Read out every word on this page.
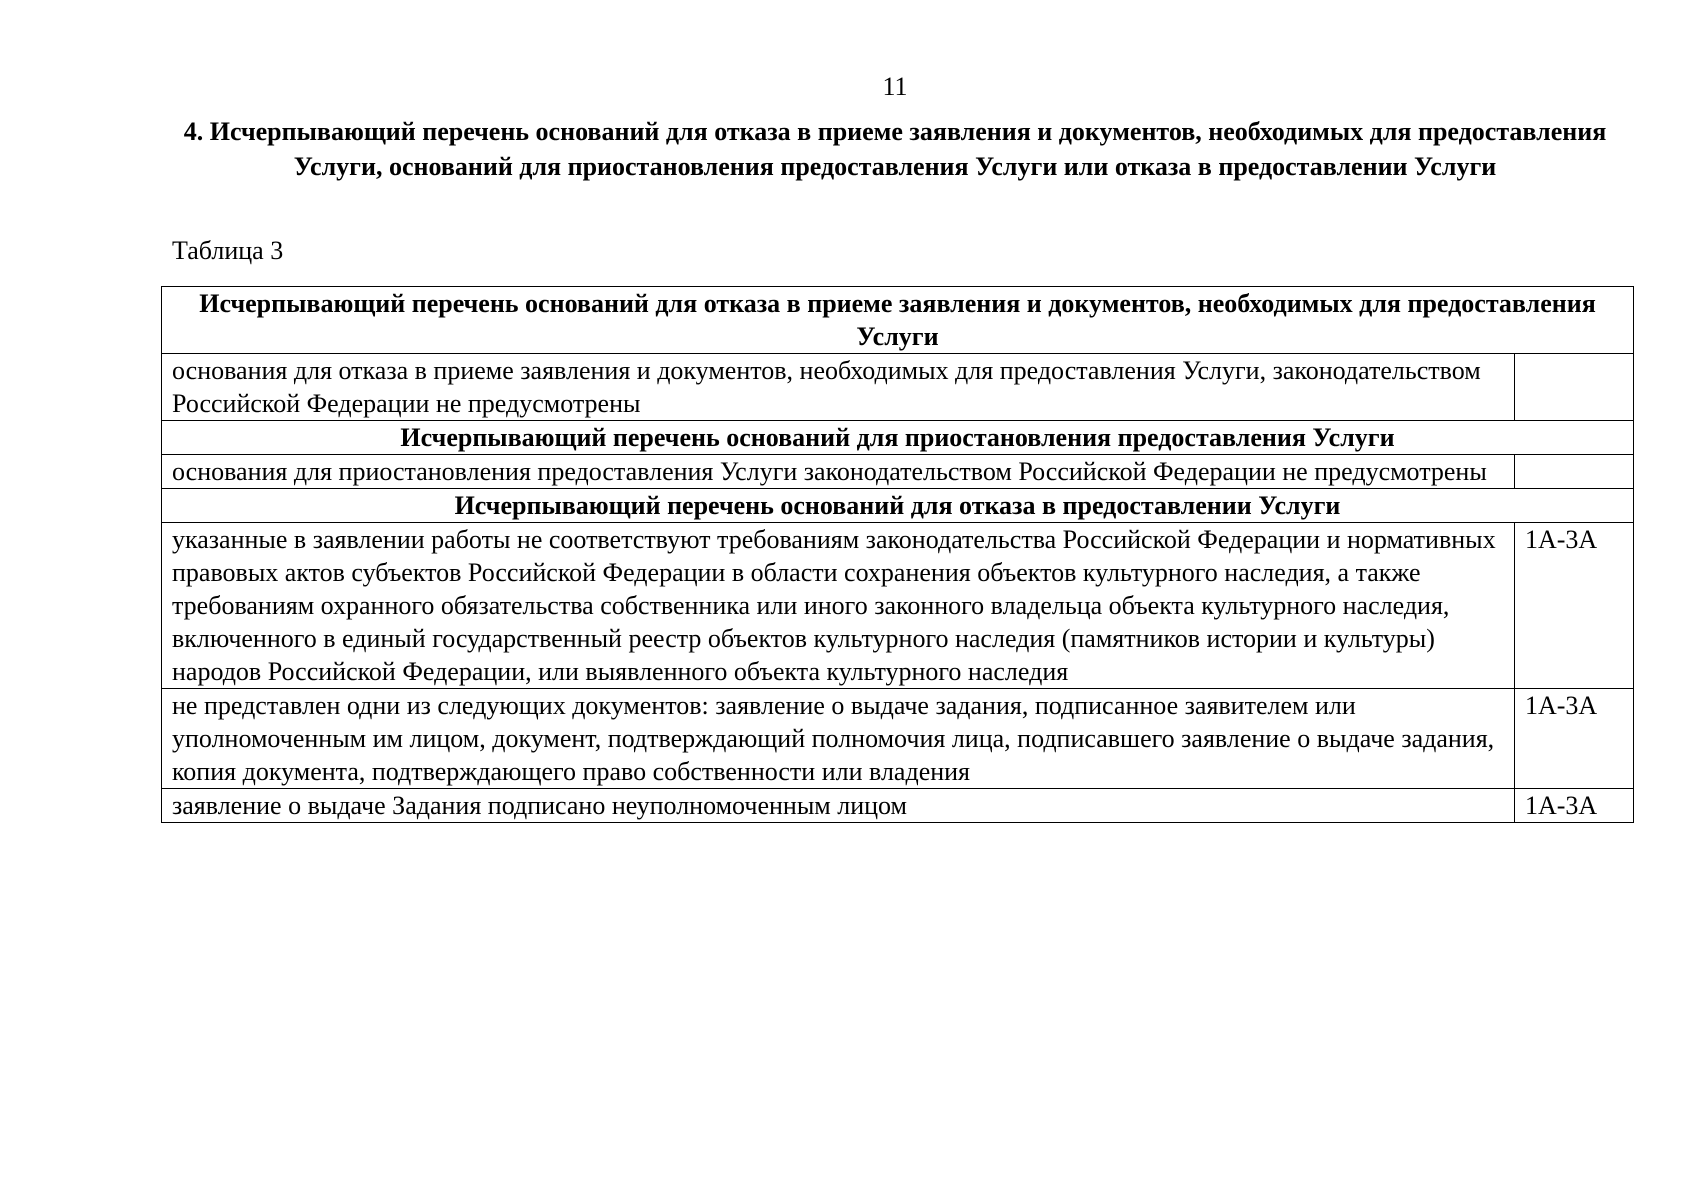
11
4. Исчерпывающий перечень оснований для отказа в приеме заявления и документов, необходимых для предоставления Услуги, оснований для приостановления предоставления Услуги или отказа в предоставлении Услуги
Таблица 3
Исчерпывающий перечень оснований для отказа в приеме заявления и документов, необходимых для предоставления Услуги	
основания для отказа в приеме заявления и документов, необходимых для предоставления Услуги, законодательством Российской Федерации не предусмотрены	
Исчерпывающий перечень оснований для приостановления предоставления Услуги	
основания для приостановления предоставления Услуги законодательством Российской Федерации не предусмотрены	
Исчерпывающий перечень оснований для отказа в предоставлении Услуги	
указанные в заявлении работы не соответствуют требованиям законодательства Российской Федерации и нормативных правовых актов субъектов Российской Федерации в области сохранения объектов культурного наследия, а также требованиям охранного обязательства собственника или иного законного владельца объекта культурного наследия, включенного в единый государственный реестр объектов культурного наследия (памятников истории и культуры) народов Российской Федерации, или выявленного объекта культурного наследия	1А-3А
не представлен одни из следующих документов: заявление о выдаче задания, подписанное заявителем или уполномоченным им лицом, документ, подтверждающий полномочия лица, подписавшего заявление о выдаче задания, копия документа, подтверждающего право собственности или владения	1А-3А
заявление о выдаче Задания подписано неуполномоченным лицом	1А-3А
